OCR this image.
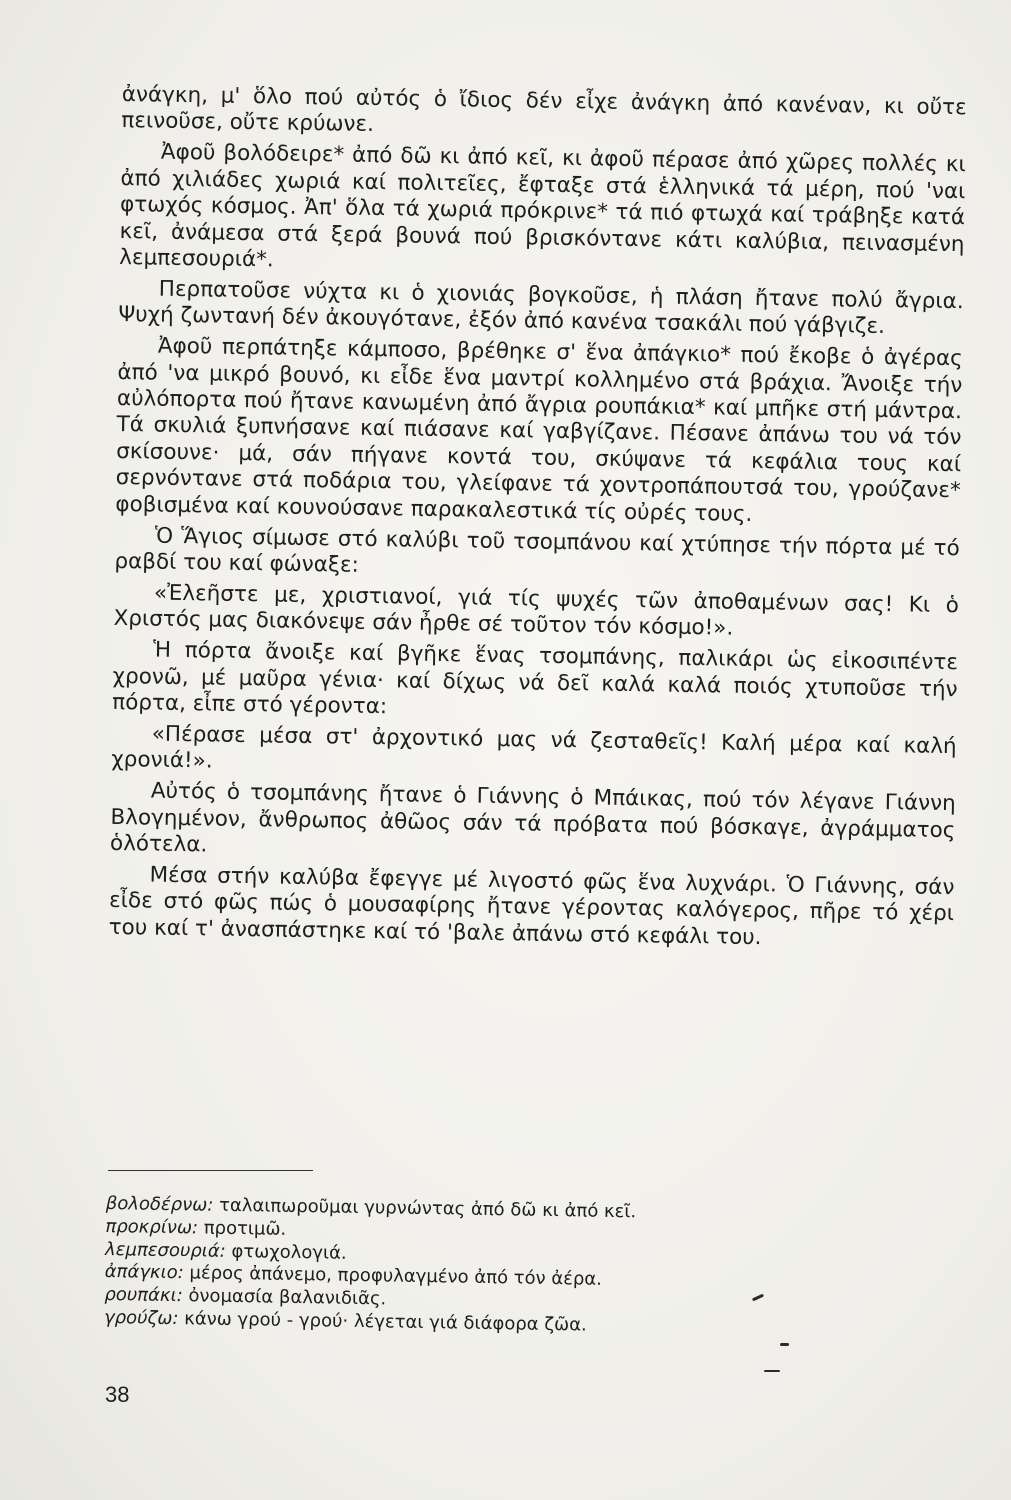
ἀνάγκη, μ' ὅλο πού αὐτός ὁ ἴδιος δέν εἶχε ἀνάγκη ἀπό κανέναν, κι οὔτε πεινοῦσε, οὔτε κρύωνε.

Ἀφοῦ βολόδειρε* ἀπό δῶ κι ἀπό κεῖ, κι ἀφοῦ πέρασε ἀπό χῶρες πολλές κι ἀπό χιλιάδες χωριά καί πολιτεῖες, ἔφταξε στά ἑλληνικά τά μέρη, πού 'ναι φτωχός κόσμος. Ἀπ' ὅλα τά χωριά πρόκρινε* τά πιό φτωχά καί τράβηξε κατά κεῖ, ἀνάμεσα στά ξερά βουνά πού βρισκόντανε κάτι καλύβια, πεινασμένη λεμπεσουριά*.

Περπατοῦσε νύχτα κι ὁ χιονιάς βογκοῦσε, ἡ πλάση ἤτανε πολύ ἄγρια. Ψυχή ζωντανή δέν ἀκουγότανε, ἐξόν ἀπό κανένα τσακάλι πού γάβγιζε.

Ἀφοῦ περπάτηξε κάμποσο, βρέθηκε σ' ἕνα ἀπάγκιο* πού ἔκοβε ὁ ἀγέρας ἀπό 'να μικρό βουνό, κι εἶδε ἕνα μαντρί κολλημένο στά βράχια. Ἄνοιξε τήν αὐλόπορτα πού ἤτανε κανωμένη ἀπό ἄγρια ρουπάκια* καί μπῆκε στή μάντρα. Τά σκυλιά ξυπνήσανε καί πιάσανε καί γαβγίζανε. Πέσανε ἀπάνω του νά τόν σκίσουνε· μά, σάν πήγανε κοντά του, σκύψανε τά κεφάλια τους καί σερνόντανε στά ποδάρια του, γλείφανε τά χοντροπάπουτσά του, γρούζανε* φοβισμένα καί κουνούσανε παρακαλεστικά τίς οὐρές τους.

Ὁ Ἅγιος σίμωσε στό καλύβι τοῦ τσομπάνου καί χτύπησε τήν πόρτα μέ τό ραβδί του καί φώναξε:

«Ἐλεῆστε με, χριστιανοί, γιά τίς ψυχές τῶν ἀποθαμένων σας! Κι ὁ Χριστός μας διακόνεψε σάν ἦρθε σέ τοῦτον τόν κόσμο!».

Ἡ πόρτα ἄνοιξε καί βγῆκε ἕνας τσομπάνης, παλικάρι ὡς εἰκοσιπέντε χρονῶ, μέ μαῦρα γένια· καί δίχως νά δεῖ καλά καλά ποιός χτυποῦσε τήν πόρτα, εἶπε στό γέροντα:

«Πέρασε μέσα στ' ἀρχοντικό μας νά ζεσταθεῖς! Καλή μέρα καί καλή χρονιά!».

Αὐτός ὁ τσομπάνης ἤτανε ὁ Γιάννης ὁ Μπάικας, πού τόν λέγανε Γιάννη Βλογημένον, ἄνθρωπος ἀθῶος σάν τά πρόβατα πού βόσκαγε, ἀγράμματος ὁλότελα.

Μέσα στήν καλύβα ἔφεγγε μέ λιγοστό φῶς ἕνα λυχνάρι. Ὁ Γιάννης, σάν εἶδε στό φῶς πώς ὁ μουσαφίρης ἤτανε γέροντας καλόγερος, πῆρε τό χέρι του καί τ' ἀνασπάστηκε καί τό 'βαλε ἀπάνω στό κεφάλι του.

βολοδέρνω: ταλαιπωροῦμαι γυρνώντας ἀπό δῶ κι ἀπό κεῖ.

προκρίνω: προτιμῶ.

λεμπεσουριά: φτωχολογιά.

ἀπάγκιο: μέρος ἀπάνεμο, προφυλαγμένο ἀπό τόν ἀέρα.

ρουπάκι: ὀνομασία βαλανιδιᾶς.

γρούζω: κάνω γρού - γρού· λέγεται γιά διάφορα ζῶα.

38
